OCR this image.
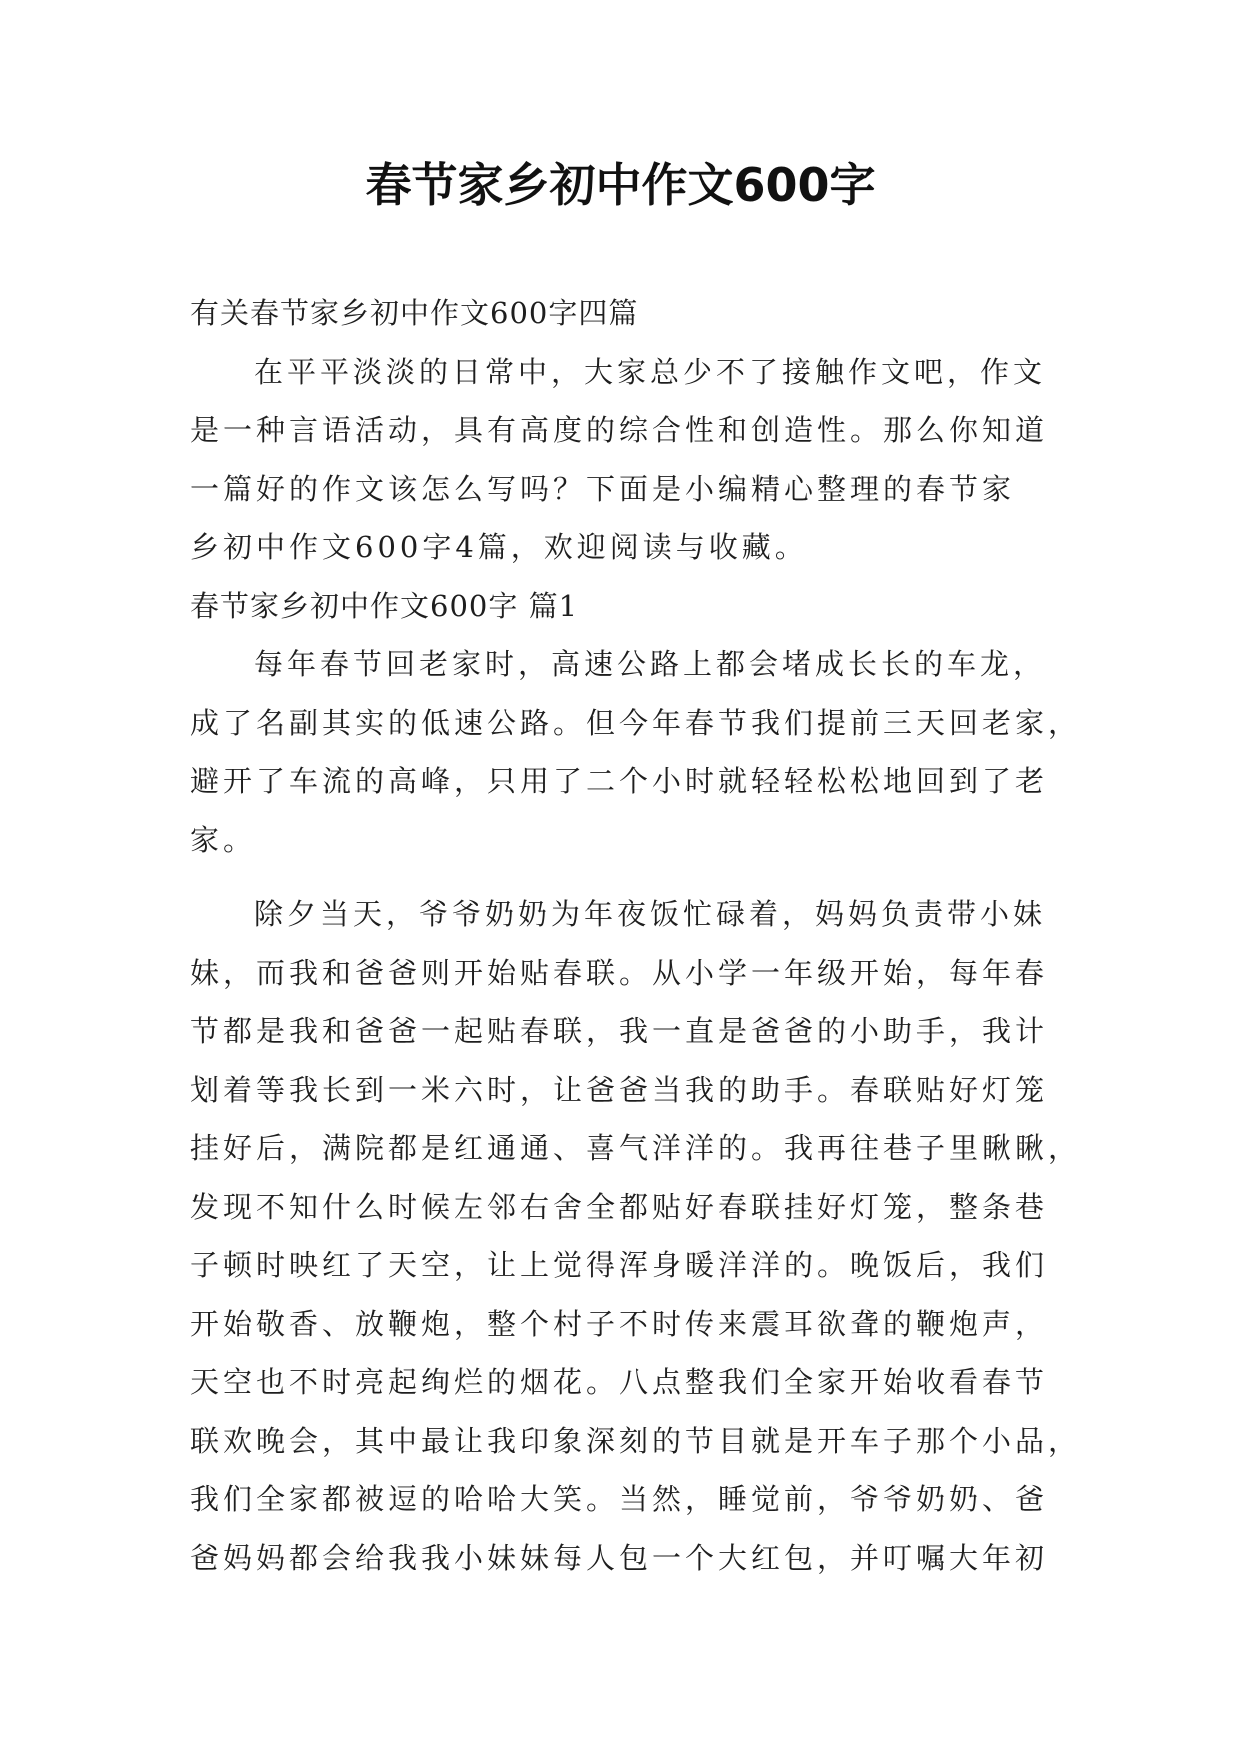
春节家乡初中作文600字

有关春节家乡初中作文600字四篇

在平平淡淡的日常中，大家总少不了接触作文吧，作文

是一种言语活动，具有高度的综合性和创造性。那么你知道

一篇好的作文该怎么写吗？下面是小编精心整理的春节家

乡初中作文600字4篇，欢迎阅读与收藏。

春节家乡初中作文600字 篇1

每年春节回老家时，高速公路上都会堵成长长的车龙，

成了名副其实的低速公路。但今年春节我们提前三天回老家，

避开了车流的高峰，只用了二个小时就轻轻松松地回到了老

家。

除夕当天，爷爷奶奶为年夜饭忙碌着，妈妈负责带小妹

妹，而我和爸爸则开始贴春联。从小学一年级开始，每年春

节都是我和爸爸一起贴春联，我一直是爸爸的小助手，我计

划着等我长到一米六时，让爸爸当我的助手。春联贴好灯笼

挂好后，满院都是红通通、喜气洋洋的。我再往巷子里瞅瞅，

发现不知什么时候左邻右舍全都贴好春联挂好灯笼，整条巷

子顿时映红了天空，让上觉得浑身暖洋洋的。晚饭后，我们

开始敬香、放鞭炮，整个村子不时传来震耳欲聋的鞭炮声，

天空也不时亮起绚烂的烟花。八点整我们全家开始收看春节

联欢晚会，其中最让我印象深刻的节目就是开车子那个小品，

我们全家都被逗的哈哈大笑。当然，睡觉前，爷爷奶奶、爸

爸妈妈都会给我我小妹妹每人包一个大红包，并叮嘱大年初
